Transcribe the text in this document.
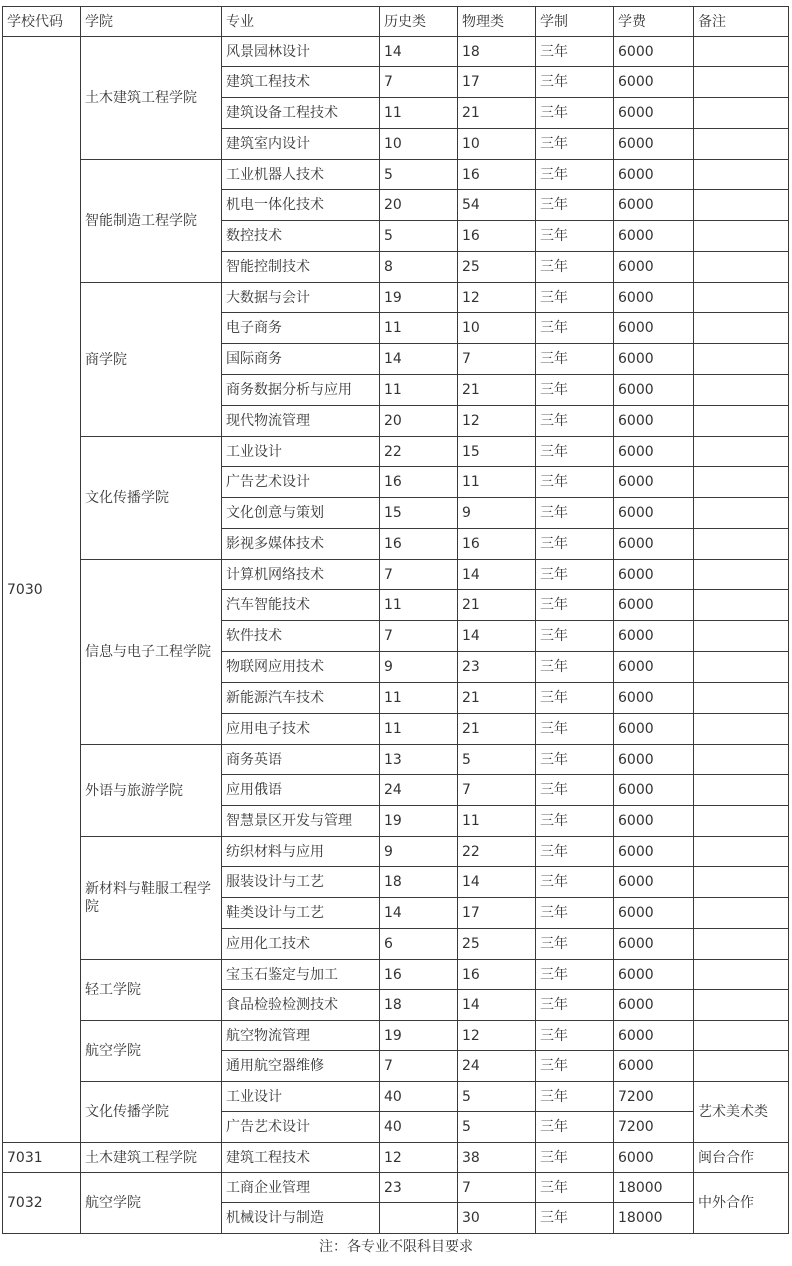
学校代码	学院	专业	历史类	物理类	学制	学费	备注
7030	土木建筑工程学院	风景园林设计	14	18	三年	6000	
		建筑工程技术	7	17	三年	6000	
		建筑设备工程技术	11	21	三年	6000	
		建筑室内设计	10	10	三年	6000	
	智能制造工程学院	工业机器人技术	5	16	三年	6000	
		机电一体化技术	20	54	三年	6000	
		数控技术	5	16	三年	6000	
		智能控制技术	8	25	三年	6000	
	商学院	大数据与会计	19	12	三年	6000	
		电子商务	11	10	三年	6000	
		国际商务	14	7	三年	6000	
		商务数据分析与应用	11	21	三年	6000	
		现代物流管理	20	12	三年	6000	
	文化传播学院	工业设计	22	15	三年	6000	
		广告艺术设计	16	11	三年	6000	
		文化创意与策划	15	9	三年	6000	
		影视多媒体技术	16	16	三年	6000	
	信息与电子工程学院	计算机网络技术	7	14	三年	6000	
		汽车智能技术	11	21	三年	6000	
		软件技术	7	14	三年	6000	
		物联网应用技术	9	23	三年	6000	
		新能源汽车技术	11	21	三年	6000	
		应用电子技术	11	21	三年	6000	
	外语与旅游学院	商务英语	13	5	三年	6000	
		应用俄语	24	7	三年	6000	
		智慧景区开发与管理	19	11	三年	6000	
	新材料与鞋服工程学院	纺织材料与应用	9	22	三年	6000	
		服装设计与工艺	18	14	三年	6000	
		鞋类设计与工艺	14	17	三年	6000	
		应用化工技术	6	25	三年	6000	
	轻工学院	宝玉石鉴定与加工	16	16	三年	6000	
		食品检验检测技术	18	14	三年	6000	
	航空学院	航空物流管理	19	12	三年	6000	
		通用航空器维修	7	24	三年	6000	
	文化传播学院	工业设计	40	5	三年	7200	艺术美术类
		广告艺术设计	40	5	三年	7200	
7031	土木建筑工程学院	建筑工程技术	12	38	三年	6000	闽台合作
7032	航空学院	工商企业管理	23	7	三年	18000	中外合作
		机械设计与制造		30	三年	18000	
注：各专业不限科目要求
